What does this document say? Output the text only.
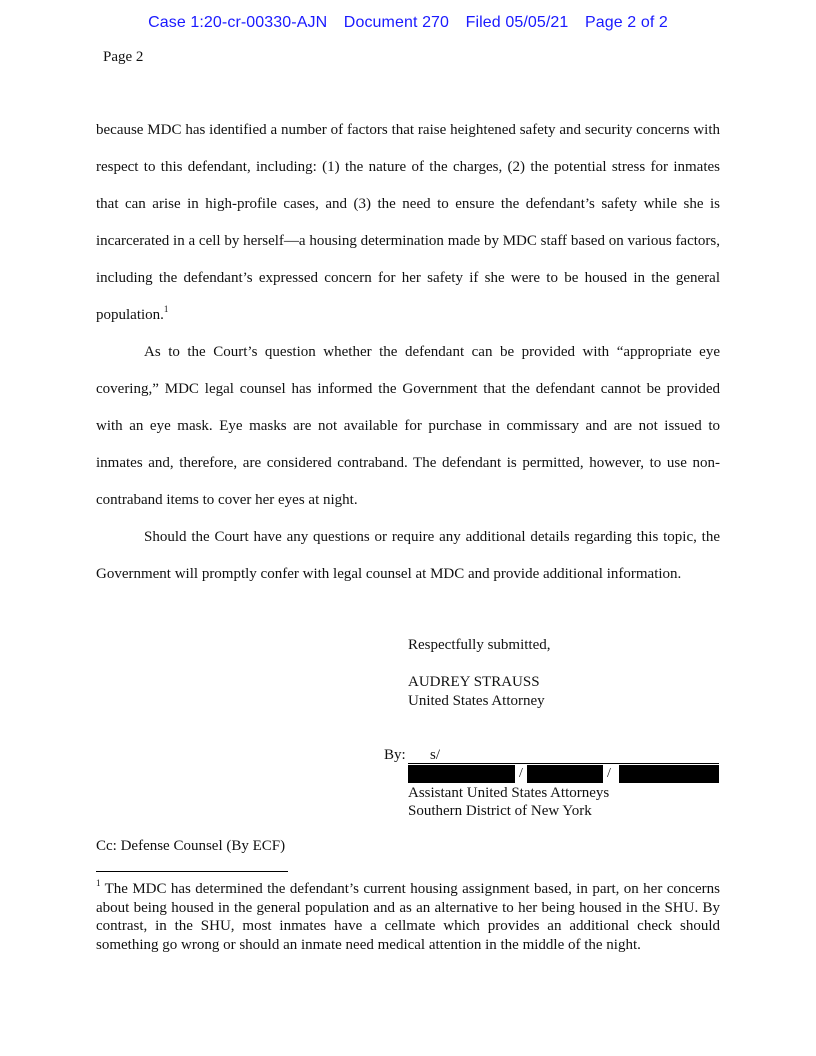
Case 1:20-cr-00330-AJN Document 270 Filed 05/05/21 Page 2 of 2
Page 2

because MDC has identified a number of factors that raise heightened safety and security concerns with respect to this defendant, including: (1) the nature of the charges, (2) the potential stress for inmates that can arise in high-profile cases, and (3) the need to ensure the defendant’s safety while she is incarcerated in a cell by herself—a housing determination made by MDC staff based on various factors, including the defendant’s expressed concern for her safety if she were to be housed in the general population.$^1$

As to the Court’s question whether the defendant can be provided with “appropriate eye covering,” MDC legal counsel has informed the Government that the defendant cannot be provided with an eye mask. Eye masks are not available for purchase in commissary and are not issued to inmates and, therefore, are considered contraband. The defendant is permitted, however, to use non-contraband items to cover her eyes at night.

Should the Court have any questions or require any additional details regarding this topic, the Government will promptly confer with legal counsel at MDC and provide additional information.

Respectfully submitted,
AUDREY STRAUSS
United States Attorney
By: s/
/	/
Assistant United States Attorneys
Southern District of New York
Cc: Defense Counsel (By ECF)
$^1$ The MDC has determined the defendant’s current housing assignment based, in part, on her concerns about being housed in the general population and as an alternative to her being housed in the SHU. By contrast, in the SHU, most inmates have a cellmate which provides an additional check should something go wrong or should an inmate need medical attention in the middle of the night.
